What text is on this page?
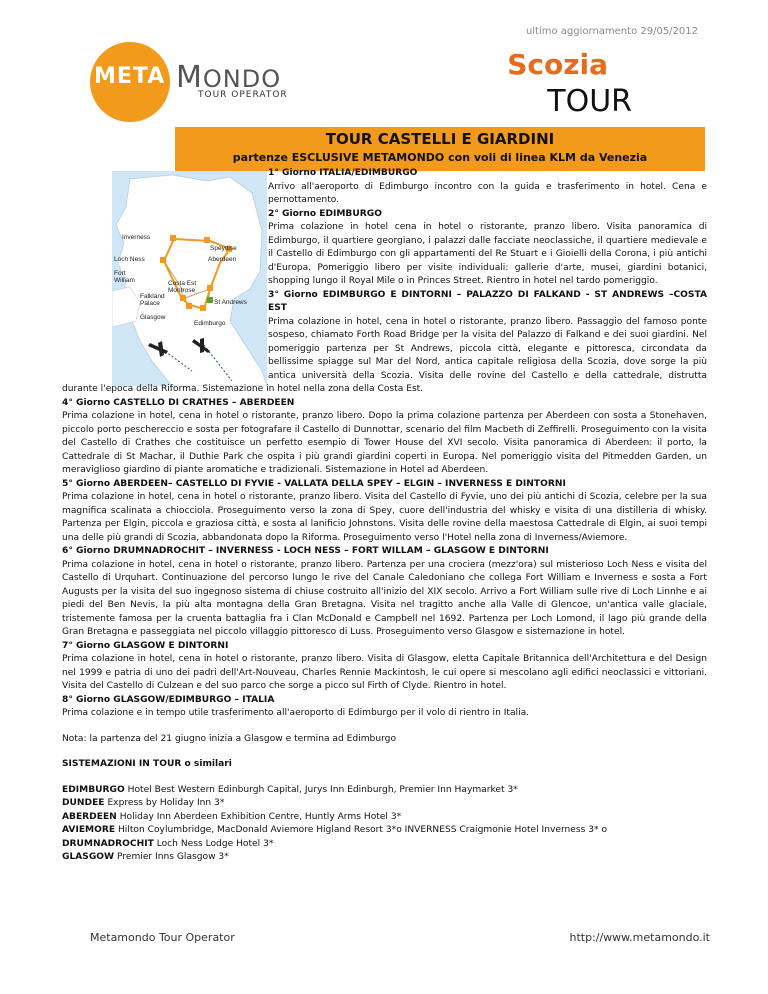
ultimo aggiornamento 29/05/2012
META MONDO
TOUR OPERATOR
Scozia
TOUR
TOUR CASTELLI E GIARDINI
partenze ESCLUSIVE METAMONDO con voli di linea KLM da Venezia
Inverness
Speydise
Loch Ness	Aberdeen
Fort
William	Costa Est
Montrose
Falkland
Palace	St Andrews
Glasgow
Edimburgo

1° Giorno ITALIA/EDIMBURGO

Arrivo all'aeroporto di Edimburgo incontro con la guida e trasferimento in hotel. Cena e pernottamento.

2° Giorno EDIMBURGO

Prima colazione in hotel cena in hotel o ristorante, pranzo libero. Visita panoramica di Edimburgo, il quartiere georgiano, i palazzi dalle facciate neoclassiche, il quartiere medievale e il Castello di Edimburgo con gli appartamenti del Re Stuart e i Gioielli della Corona, i più antichi d'Europa. Pomeriggio libero per visite individuali: gallerie d'arte, musei, giardini botanici, shopping lungo il Royal Mile o in Princes Street. Rientro in hotel nel tardo pomeriggio.

3° Giorno EDIMBURGO E DINTORNI – PALAZZO DI FALKAND - ST ANDREWS –COSTA EST

Prima colazione in hotel, cena in hotel o ristorante, pranzo libero. Passaggio del famoso ponte sospeso, chiamato Forth Road Bridge per la visita del Palazzo di Falkand e dei suoi giardini. Nel pomeriggio partenza per St Andrews, piccola città, elegante e pittoresca, circondata da bellissime spiagge sul Mar del Nord, antica capitale religiosa della Scozia, dove sorge la più antica università della Scozia. Visita delle rovine del Castello e della cattedrale, distrutta durante l'epoca della Riforma. Sistemazione in hotel nella zona della Costa Est.

4° Giorno CASTELLO DI CRATHES – ABERDEEN

Prima colazione in hotel, cena in hotel o ristorante, pranzo libero. Dopo la prima colazione partenza per Aberdeen con sosta a Stonehaven, piccolo porto peschereccio e sosta per fotografare il Castello di Dunnottar, scenario del film Macbeth di Zeffirelli. Proseguimento con la visita del Castello di Crathes che costituisce un perfetto esempio di Tower House del XVI secolo. Visita panoramica di Aberdeen: il porto, la Cattedrale di St Machar, il Duthie Park che ospita i più grandi giardini coperti in Europa. Nel pomeriggio visita del Pitmedden Garden, un meraviglioso giardino di piante aromatiche e tradizionali. Sistemazione in Hotel ad Aberdeen.

5° Giorno ABERDEEN– CASTELLO DI FYVIE - VALLATA DELLA SPEY – ELGIN – INVERNESS E DINTORNI

Prima colazione in hotel, cena in hotel o ristorante, pranzo libero. Visita del Castello di Fyvie, uno dei più antichi di Scozia, celebre per la sua magnifica scalinata a chiocciola. Proseguimento verso la zona di Spey, cuore dell'industria del whisky e visita di una distilleria di whisky. Partenza per Elgin, piccola e graziosa città, e sosta al lanificio Johnstons. Visita delle rovine della maestosa Cattedrale di Elgin, ai suoi tempi una delle più grandi di Scozia, abbandonata dopo la Riforma. Proseguimento verso l'Hotel nella zona di Inverness/Aviemore.

6° Giorno DRUMNADROCHIT – INVERNESS - LOCH NESS – FORT WILLAM – GLASGOW E DINTORNI

Prima colazione in hotel, cena in hotel o ristorante, pranzo libero. Partenza per una crociera (mezz'ora) sul misterioso Loch Ness e visita del Castello di Urquhart. Continuazione del percorso lungo le rive del Canale Caledoniano che collega Fort William e Inverness e sosta a Fort Augusts per la visita del suo ingegnoso sistema di chiuse costruito all'inizio del XIX secolo. Arrivo a Fort William sulle rive di Loch Linnhe e ai piedi del Ben Nevis, la più alta montagna della Gran Bretagna. Visita nel tragitto anche alla Valle di Glencoe, un'antica valle glaciale, tristemente famosa per la cruenta battaglia fra i Clan McDonald e Campbell nel 1692. Partenza per Loch Lomond, il lago più grande della Gran Bretagna e passeggiata nel piccolo villaggio pittoresco di Luss. Proseguimento verso Glasgow e sistemazione in hotel.

7° Giorno GLASGOW E DINTORNI

Prima colazione in hotel, cena in hotel o ristorante, pranzo libero. Visita di Glasgow, eletta Capitale Britannica dell'Architettura e del Design nel 1999 e patria di uno dei padri dell'Art-Nouveau, Charles Rennie Mackintosh, le cui opere si mescolano agli edifici neoclassici e vittoriani. Visita del Castello di Culzean e del suo parco che sorge a picco sul Firth of Clyde. Rientro in hotel.

8° Giorno GLASGOW/EDIMBURGO – ITALIA

Prima colazione e in tempo utile trasferimento all'aeroporto di Edimburgo per il volo di rientro in Italia.

Nota: la partenza del 21 giugno inizia a Glasgow e termina ad Edimburgo

SISTEMAZIONI IN TOUR o similari

EDIMBURGO Hotel Best Western Edinburgh Capital, Jurys Inn Edinburgh, Premier Inn Haymarket 3*

DUNDEE Express by Holiday Inn 3*

ABERDEEN Holiday Inn Aberdeen Exhibition Centre, Huntly Arms Hotel 3*

AVIEMORE Hilton Coylumbridge, MacDonald Aviemore Higland Resort 3*o INVERNESS Craigmonie Hotel Inverness 3* o

DRUMNADROCHIT Loch Ness Lodge Hotel 3*

GLASGOW Premier Inns Glasgow 3*

Metamondo Tour Operator	http://www.metamondo.it
